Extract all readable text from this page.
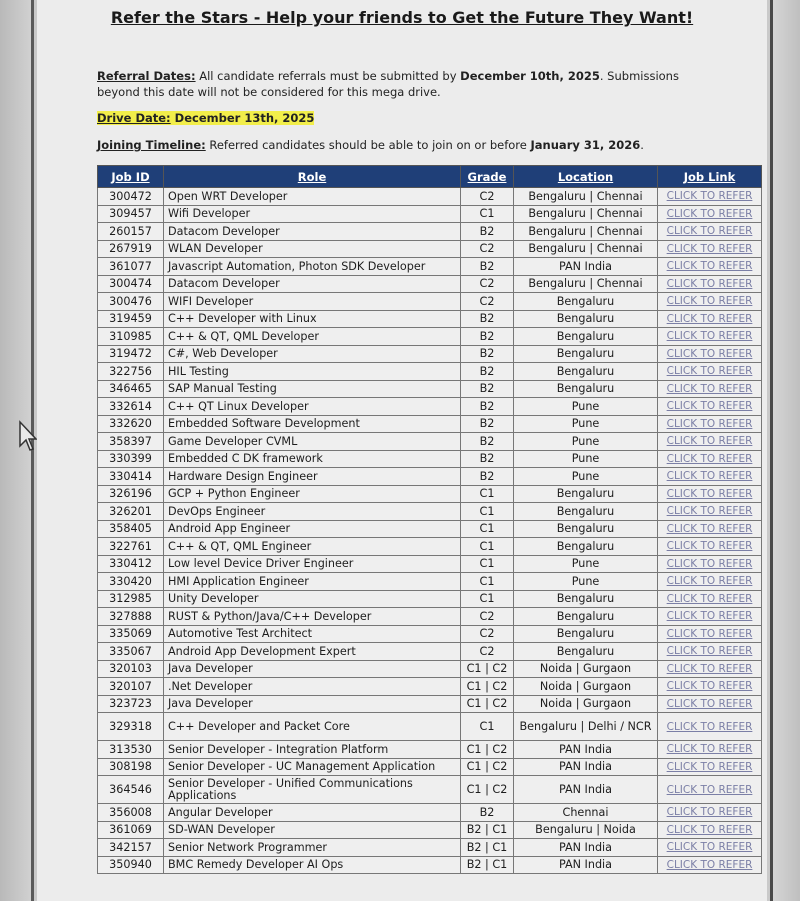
Refer the Stars - Help your friends to Get the Future They Want!
Referral Dates: All candidate referrals must be submitted by December 10th, 2025. Submissions beyond this date will not be considered for this mega drive.
Drive Date: December 13th, 2025
Joining Timeline: Referred candidates should be able to join on or before January 31, 2026.
Job ID	Role	Grade	Location	Job Link
300472	Open WRT Developer	C2	Bengaluru | Chennai	CLICK TO REFER
309457	Wifi Developer	C1	Bengaluru | Chennai	CLICK TO REFER
260157	Datacom Developer	B2	Bengaluru | Chennai	CLICK TO REFER
267919	WLAN Developer	C2	Bengaluru | Chennai	CLICK TO REFER
361077	Javascript Automation, Photon SDK Developer	B2	PAN India	CLICK TO REFER
300474	Datacom Developer	C2	Bengaluru | Chennai	CLICK TO REFER
300476	WIFI Developer	C2	Bengaluru	CLICK TO REFER
319459	C++ Developer with Linux	B2	Bengaluru	CLICK TO REFER
310985	C++ & QT, QML Developer	B2	Bengaluru	CLICK TO REFER
319472	C#, Web Developer	B2	Bengaluru	CLICK TO REFER
322756	HIL Testing	B2	Bengaluru	CLICK TO REFER
346465	SAP Manual Testing	B2	Bengaluru	CLICK TO REFER
332614	C++ QT Linux Developer	B2	Pune	CLICK TO REFER
332620	Embedded Software Development	B2	Pune	CLICK TO REFER
358397	Game Developer CVML	B2	Pune	CLICK TO REFER
330399	Embedded C DK framework	B2	Pune	CLICK TO REFER
330414	Hardware Design Engineer	B2	Pune	CLICK TO REFER
326196	GCP + Python Engineer	C1	Bengaluru	CLICK TO REFER
326201	DevOps Engineer	C1	Bengaluru	CLICK TO REFER
358405	Android App Engineer	C1	Bengaluru	CLICK TO REFER
322761	C++ & QT, QML Engineer	C1	Bengaluru	CLICK TO REFER
330412	Low level Device Driver Engineer	C1	Pune	CLICK TO REFER
330420	HMI Application Engineer	C1	Pune	CLICK TO REFER
312985	Unity Developer	C1	Bengaluru	CLICK TO REFER
327888	RUST & Python/Java/C++ Developer	C2	Bengaluru	CLICK TO REFER
335069	Automotive Test Architect	C2	Bengaluru	CLICK TO REFER
335067	Android App Development Expert	C2	Bengaluru	CLICK TO REFER
320103	Java Developer	C1 | C2	Noida | Gurgaon	CLICK TO REFER
320107	.Net Developer	C1 | C2	Noida | Gurgaon	CLICK TO REFER
323723	Java Developer	C1 | C2	Noida | Gurgaon	CLICK TO REFER
329318	C++ Developer and Packet Core	C1	Bengaluru | Delhi / NCR	CLICK TO REFER
313530	Senior Developer - Integration Platform	C1 | C2	PAN India	CLICK TO REFER
308198	Senior Developer - UC Management Application	C1 | C2	PAN India	CLICK TO REFER
364546	Senior Developer - Unified Communications Applications	C1 | C2	PAN India	CLICK TO REFER
356008	Angular Developer	B2	Chennai	CLICK TO REFER
361069	SD-WAN Developer	B2 | C1	Bengaluru | Noida	CLICK TO REFER
342157	Senior Network Programmer	B2 | C1	PAN India	CLICK TO REFER
350940	BMC Remedy Developer AI Ops	B2 | C1	PAN India	CLICK TO REFER
